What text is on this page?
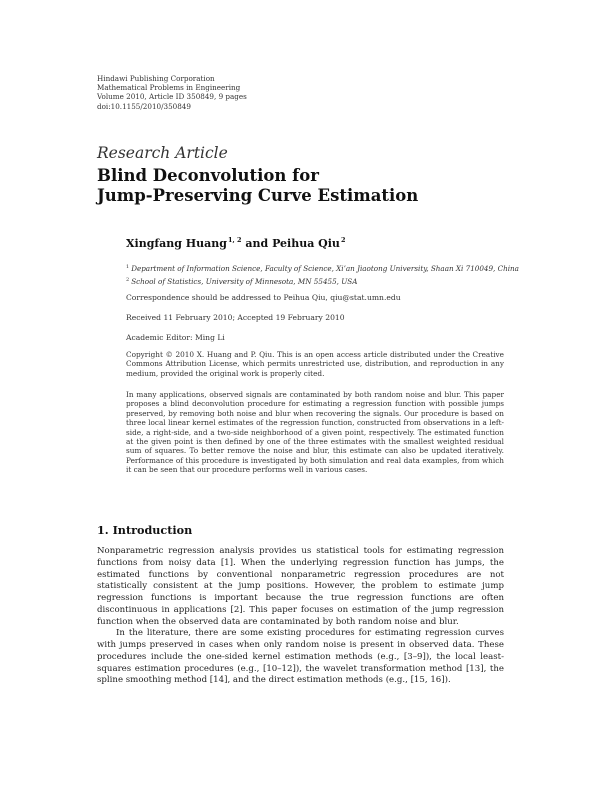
Hindawi Publishing Corporation
Mathematical Problems in Engineering
Volume 2010, Article ID 350849, 9 pages
doi:10.1155/2010/350849
Research Article
Blind Deconvolution for
Jump-Preserving Curve Estimation
Xingfang Huang$^{1, 2}$ and Peihua Qiu$^2$
$^1$ Department of Information Science, Faculty of Science, Xi’an Jiaotong University, Shaan Xi 710049, China
$^2$ School of Statistics, University of Minnesota, MN 55455, USA
Correspondence should be addressed to Peihua Qiu, qiu@stat.umn.edu
Received 11 February 2010; Accepted 19 February 2010
Academic Editor: Ming Li
Copyright © 2010 X. Huang and P. Qiu. This is an open access article distributed under the Creative Commons Attribution License, which permits unrestricted use, distribution, and reproduction in any medium, provided the original work is properly cited.
In many applications, observed signals are contaminated by both random noise and blur. This paper proposes a blind deconvolution procedure for estimating a regression function with possible jumps preserved, by removing both noise and blur when recovering the signals. Our procedure is based on three local linear kernel estimates of the regression function, constructed from observations in a left-side, a right-side, and a two-side neighborhood of a given point, respectively. The estimated function at the given point is then defined by one of the three estimates with the smallest weighted residual sum of squares. To better remove the noise and blur, this estimate can also be updated iteratively. Performance of this procedure is investigated by both simulation and real data examples, from which it can be seen that our procedure performs well in various cases.
1. Introduction

Nonparametric regression analysis provides us statistical tools for estimating regression functions from noisy data [1]. When the underlying regression function has jumps, the estimated functions by conventional nonparametric regression procedures are not statistically consistent at the jump positions. However, the problem to estimate jump regression functions is important because the true regression functions are often discontinuous in applications [2]. This paper focuses on estimation of the jump regression function when the observed data are contaminated by both random noise and blur.

In the literature, there are some existing procedures for estimating regression curves with jumps preserved in cases when only random noise is present in observed data. These procedures include the one-sided kernel estimation methods (e.g., [3–9]), the local least-squares estimation procedures (e.g., [10–12]), the wavelet transformation method [13], the spline smoothing method [14], and the direct estimation methods (e.g., [15, 16]).
